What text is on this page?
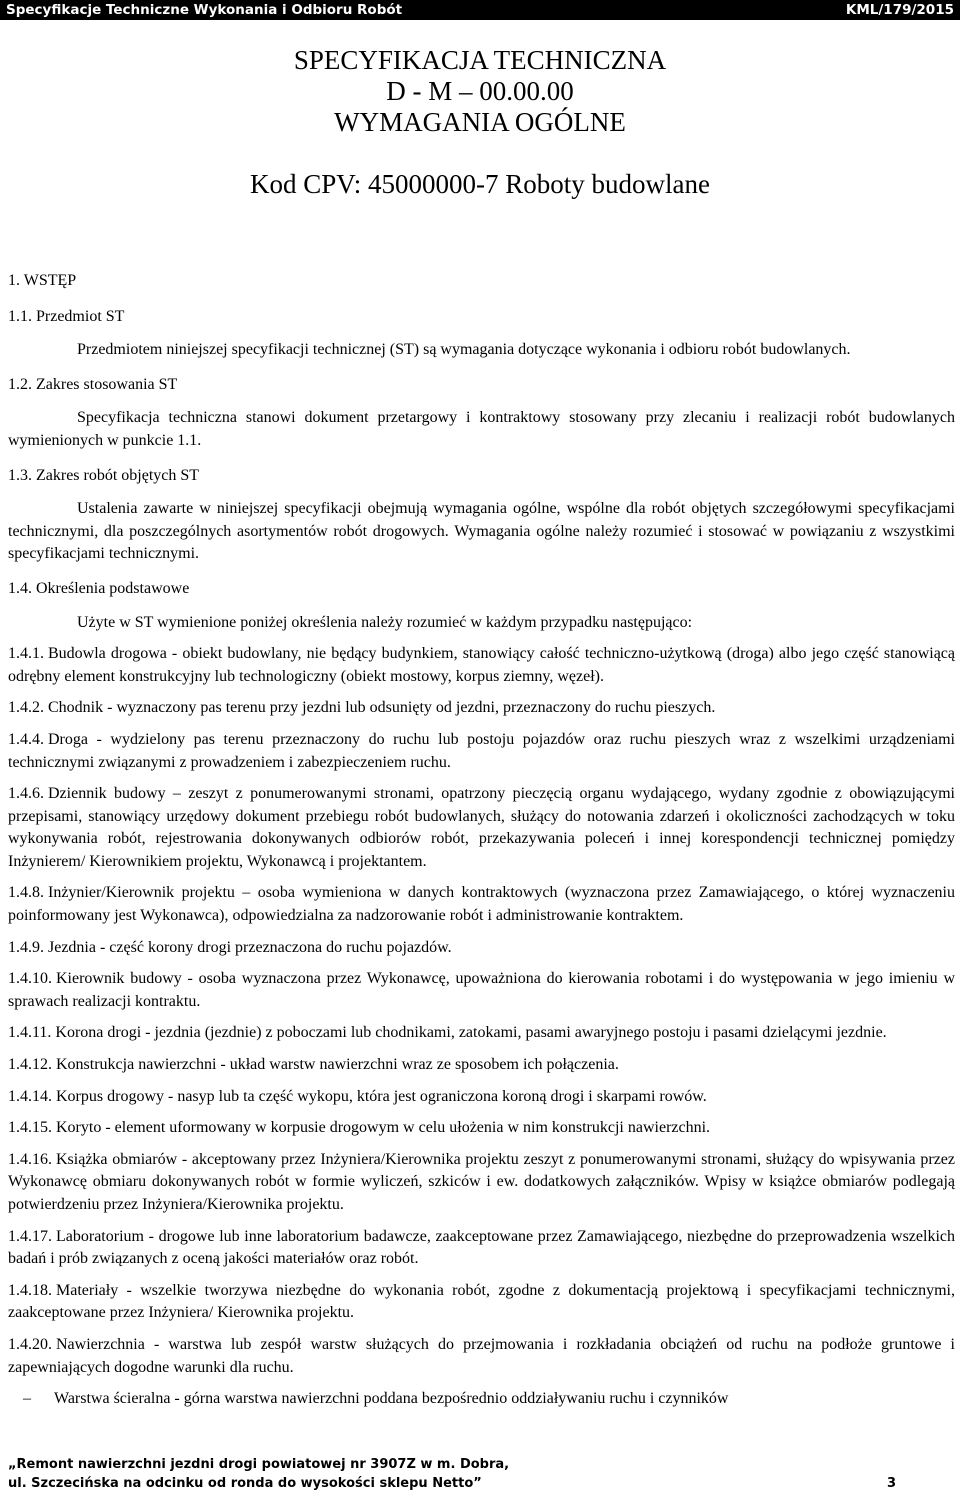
Specyfikacje Techniczne Wykonania i Odbioru Robót	KML/179/2015
SPECYFIKACJA TECHNICZNA
D - M – 00.00.00
WYMAGANIA OGÓLNE
Kod CPV: 45000000-7 Roboty budowlane

1. WSTĘP

1.1. Przedmiot ST

Przedmiotem niniejszej specyfikacji technicznej (ST) są wymagania dotyczące wykonania i odbioru robót budowlanych.

1.2. Zakres stosowania ST

Specyfikacja techniczna stanowi dokument przetargowy i kontraktowy stosowany przy zlecaniu i realizacji robót budowlanych wymienionych w punkcie 1.1.

1.3. Zakres robót objętych ST

Ustalenia zawarte w niniejszej specyfikacji obejmują wymagania ogólne, wspólne dla robót objętych szczegółowymi specyfikacjami technicznymi, dla poszczególnych asortymentów robót drogowych. Wymagania ogólne należy rozumieć i stosować w powiązaniu z wszystkimi specyfikacjami technicznymi.

1.4. Określenia podstawowe

Użyte w ST wymienione poniżej określenia należy rozumieć w każdym przypadku następująco:

1.4.1. Budowla drogowa - obiekt budowlany, nie będący budynkiem, stanowiący całość techniczno-użytkową (droga) albo jego część stanowiącą odrębny element konstrukcyjny lub technologiczny (obiekt mostowy, korpus ziemny, węzeł).

1.4.2. Chodnik - wyznaczony pas terenu przy jezdni lub odsunięty od jezdni, przeznaczony do ruchu pieszych.

1.4.4. Droga - wydzielony pas terenu przeznaczony do ruchu lub postoju pojazdów oraz ruchu pieszych wraz z wszelkimi urządzeniami technicznymi związanymi z prowadzeniem i zabezpieczeniem ruchu.

1.4.6. Dziennik budowy – zeszyt z ponumerowanymi stronami, opatrzony pieczęcią organu wydającego, wydany zgodnie z obowiązującymi przepisami, stanowiący urzędowy dokument przebiegu robót budowlanych, służący do notowania zdarzeń i okoliczności zachodzących w toku wykonywania robót, rejestrowania dokonywanych odbiorów robót, przekazywania poleceń i innej korespondencji technicznej pomiędzy Inżynierem/ Kierownikiem projektu, Wykonawcą i projektantem.

1.4.8. Inżynier/Kierownik projektu – osoba wymieniona w danych kontraktowych (wyznaczona przez Zamawiającego, o której wyznaczeniu poinformowany jest Wykonawca), odpowiedzialna za nadzorowanie robót i administrowanie kontraktem.

1.4.9. Jezdnia - część korony drogi przeznaczona do ruchu pojazdów.

1.4.10. Kierownik budowy - osoba wyznaczona przez Wykonawcę, upoważniona do kierowania robotami i do występowania w jego imieniu w sprawach realizacji kontraktu.

1.4.11. Korona drogi - jezdnia (jezdnie) z poboczami lub chodnikami, zatokami, pasami awaryjnego postoju i pasami dzielącymi jezdnie.

1.4.12. Konstrukcja nawierzchni - układ warstw nawierzchni wraz ze sposobem ich połączenia.

1.4.14. Korpus drogowy - nasyp lub ta część wykopu, która jest ograniczona koroną drogi i skarpami rowów.

1.4.15. Koryto - element uformowany w korpusie drogowym w celu ułożenia w nim konstrukcji nawierzchni.

1.4.16. Książka obmiarów - akceptowany przez Inżyniera/Kierownika projektu zeszyt z ponumerowanymi stronami, służący do wpisywania przez Wykonawcę obmiaru dokonywanych robót w formie wyliczeń, szkiców i ew. dodatkowych załączników. Wpisy w książce obmiarów podlegają potwierdzeniu przez Inżyniera/Kierownika projektu.

1.4.17. Laboratorium - drogowe lub inne laboratorium badawcze, zaakceptowane przez Zamawiającego, niezbędne do przeprowadzenia wszelkich badań i prób związanych z oceną jakości materiałów oraz robót.

1.4.18. Materiały - wszelkie tworzywa niezbędne do wykonania robót, zgodne z dokumentacją projektową i specyfikacjami technicznymi, zaakceptowane przez Inżyniera/ Kierownika projektu.

1.4.20. Nawierzchnia - warstwa lub zespół warstw służących do przejmowania i rozkładania obciążeń od ruchu na podłoże gruntowe i zapewniających dogodne warunki dla ruchu.

– Warstwa ścieralna - górna warstwa nawierzchni poddana bezpośrednio oddziaływaniu ruchu i czynników

„Remont nawierzchni jezdni drogi powiatowej nr 3907Z w m. Dobra,
ul. Szczecińska na odcinku od ronda do wysokości sklepu Netto”	3
